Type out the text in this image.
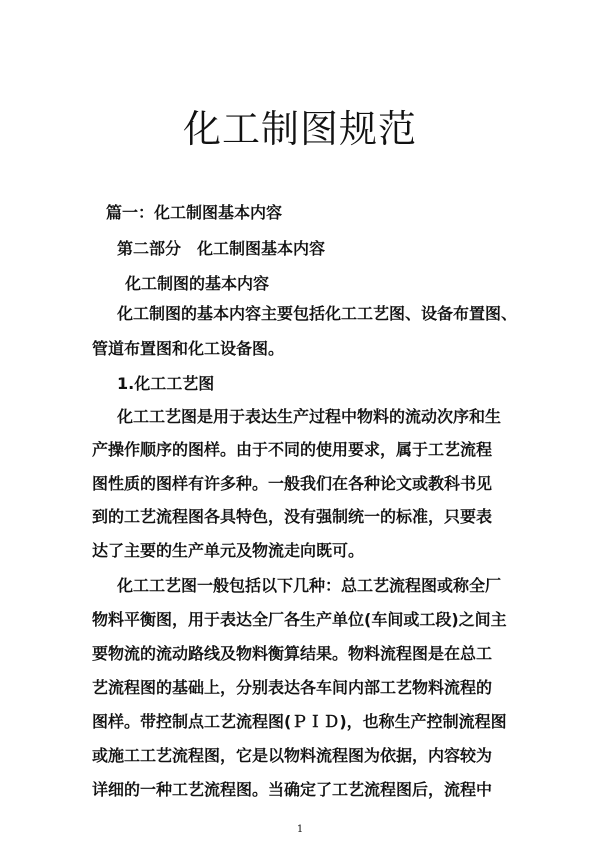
化工制图规范
篇一：化工制图基本内容
第二部分　化工制图基本内容
化工制图的基本内容
化工制图的基本内容主要包括化工工艺图、设备布置图、
管道布置图和化工设备图。
1.化工工艺图
化工工艺图是用于表达生产过程中物料的流动次序和生
产操作顺序的图样。由于不同的使用要求，属于工艺流程
图性质的图样有许多种。一般我们在各种论文或教科书见
到的工艺流程图各具特色，没有强制统一的标准，只要表
达了主要的生产单元及物流走向既可。
化工工艺图一般包括以下几种：总工艺流程图或称全厂
物料平衡图，用于表达全厂各生产单位(车间或工段)之间主
要物流的流动路线及物料衡算结果。物料流程图是在总工
艺流程图的基础上，分别表达各车间内部工艺物料流程的
图样。带控制点工艺流程图(ＰＩＤ)，也称生产控制流程图
或施工工艺流程图，它是以物料流程图为依据，内容较为
详细的一种工艺流程图。当确定了工艺流程图后，流程中
1
